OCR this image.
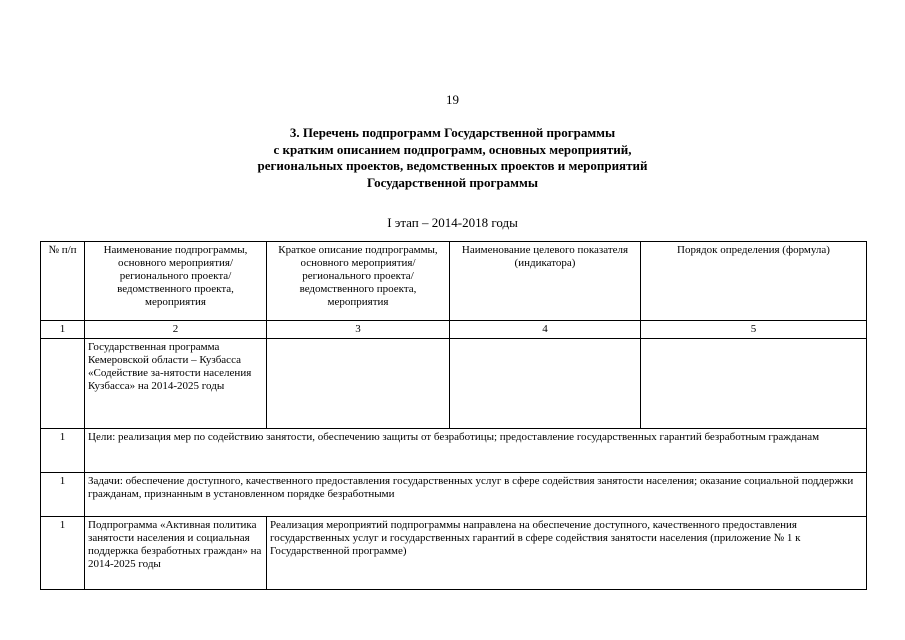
19
3. Перечень подпрограмм Государственной программы
с кратким описанием подпрограмм, основных мероприятий,
региональных проектов, ведомственных проектов и мероприятий
Государственной программы
I этап – 2014-2018 годы
№ п/п	Наименование подпрограммы, основного мероприятия/ регионального проекта/ ведомственного проекта, мероприятия	Краткое описание подпрограммы, основного мероприятия/регионального проекта/ведомственного проекта, мероприятия	Наименование целевого показателя (индикатора)	Порядок определения (формула)
1	2	3	4	5
	Государственная программа Кемеровской области – Кузбасса «Содействие за-нятости населения Кузбасса» на 2014-2025 годы			
1	Цели: реализация мер по содействию занятости, обеспечению защиты от безработицы; предоставление государственных гарантий безработным гражданам			
1	Задачи: обеспечение доступного, качественного предоставления государственных услуг в сфере содействия занятости населения; оказание социальной поддержки гражданам, признанным в установленном порядке безработными			
1	Подпрограмма «Активная политика занятости населения и социальная поддержка безработных граждан» на 2014-2025 годы	Реализация мероприятий подпрограммы направлена на обеспечение доступного, качественного предоставления государственных услуг и государственных гарантий в сфере содействия занятости населения (приложение № 1 к Государственной программе)		
